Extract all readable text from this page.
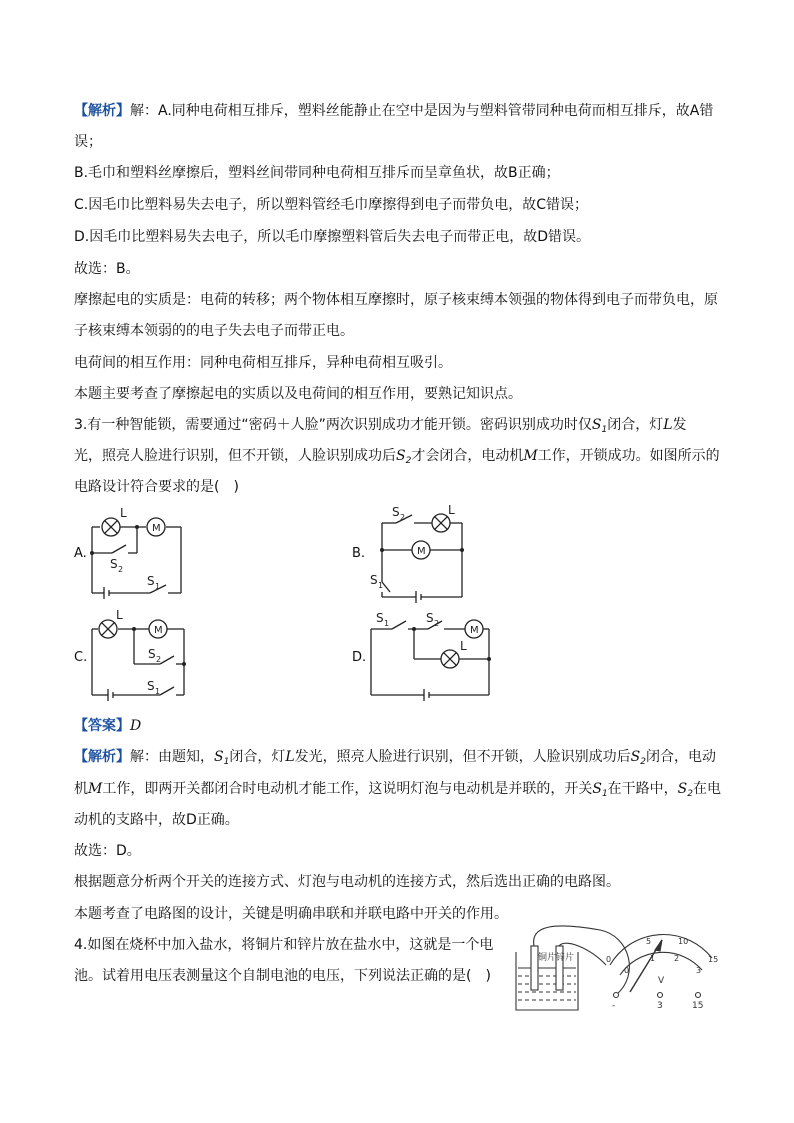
【解析】解：A.同种电荷相互排斥，塑料丝能静止在空中是因为与塑料管带同种电荷而相互排斥，故A错
误；
B.毛巾和塑料丝摩擦后，塑料丝间带同种电荷相互排斥而呈章鱼状，故B正确；
C.因毛巾比塑料易失去电子，所以塑料管经毛巾摩擦得到电子而带负电，故C错误；
D.因毛巾比塑料易失去电子，所以毛巾摩擦塑料管后失去电子而带正电，故D错误。
故选：B。
摩擦起电的实质是：电荷的转移；两个物体相互摩擦时，原子核束缚本领强的物体得到电子而带负电，原
子核束缚本领弱的的电子失去电子而带正电。
电荷间的相互作用：同种电荷相互排斥，异种电荷相互吸引。
本题主要考查了摩擦起电的实质以及电荷间的相互作用，要熟记知识点。
3.有一种智能锁，需要通过“密码＋人脸”两次识别成功才能开锁。密码识别成功时仅$S_1$闭合，灯L发
光，照亮人脸进行识别，但不开锁，人脸识别成功后$S_2$才会闭合，电动机M工作，开锁成功。如图所示的
电路设计符合要求的是(　)
A.	B.
C.	D.
L
M
S 2
S 1
S 2
L
M
S 1
L
M
S 2
S 1
S 1	S 2
M
L
铜片锌片
V
-	3	15
0
5	10
15
0
1 2
3
【答案】D
【解析】解：由题知，$S_1$闭合，灯L发光，照亮人脸进行识别，但不开锁，人脸识别成功后$S_2$闭合，电动
机M工作，即两开关都闭合时电动机才能工作，这说明灯泡与电动机是并联的，开关$S_1$在干路中，$S_2$在电
动机的支路中，故D正确。
故选：D。
根据题意分析两个开关的连接方式、灯泡与电动机的连接方式，然后选出正确的电路图。
本题考查了电路图的设计，关键是明确串联和并联电路中开关的作用。
4.如图在烧杯中加入盐水，将铜片和锌片放在盐水中，这就是一个电
池。试着用电压表测量这个自制电池的电压，下列说法正确的是(　)
